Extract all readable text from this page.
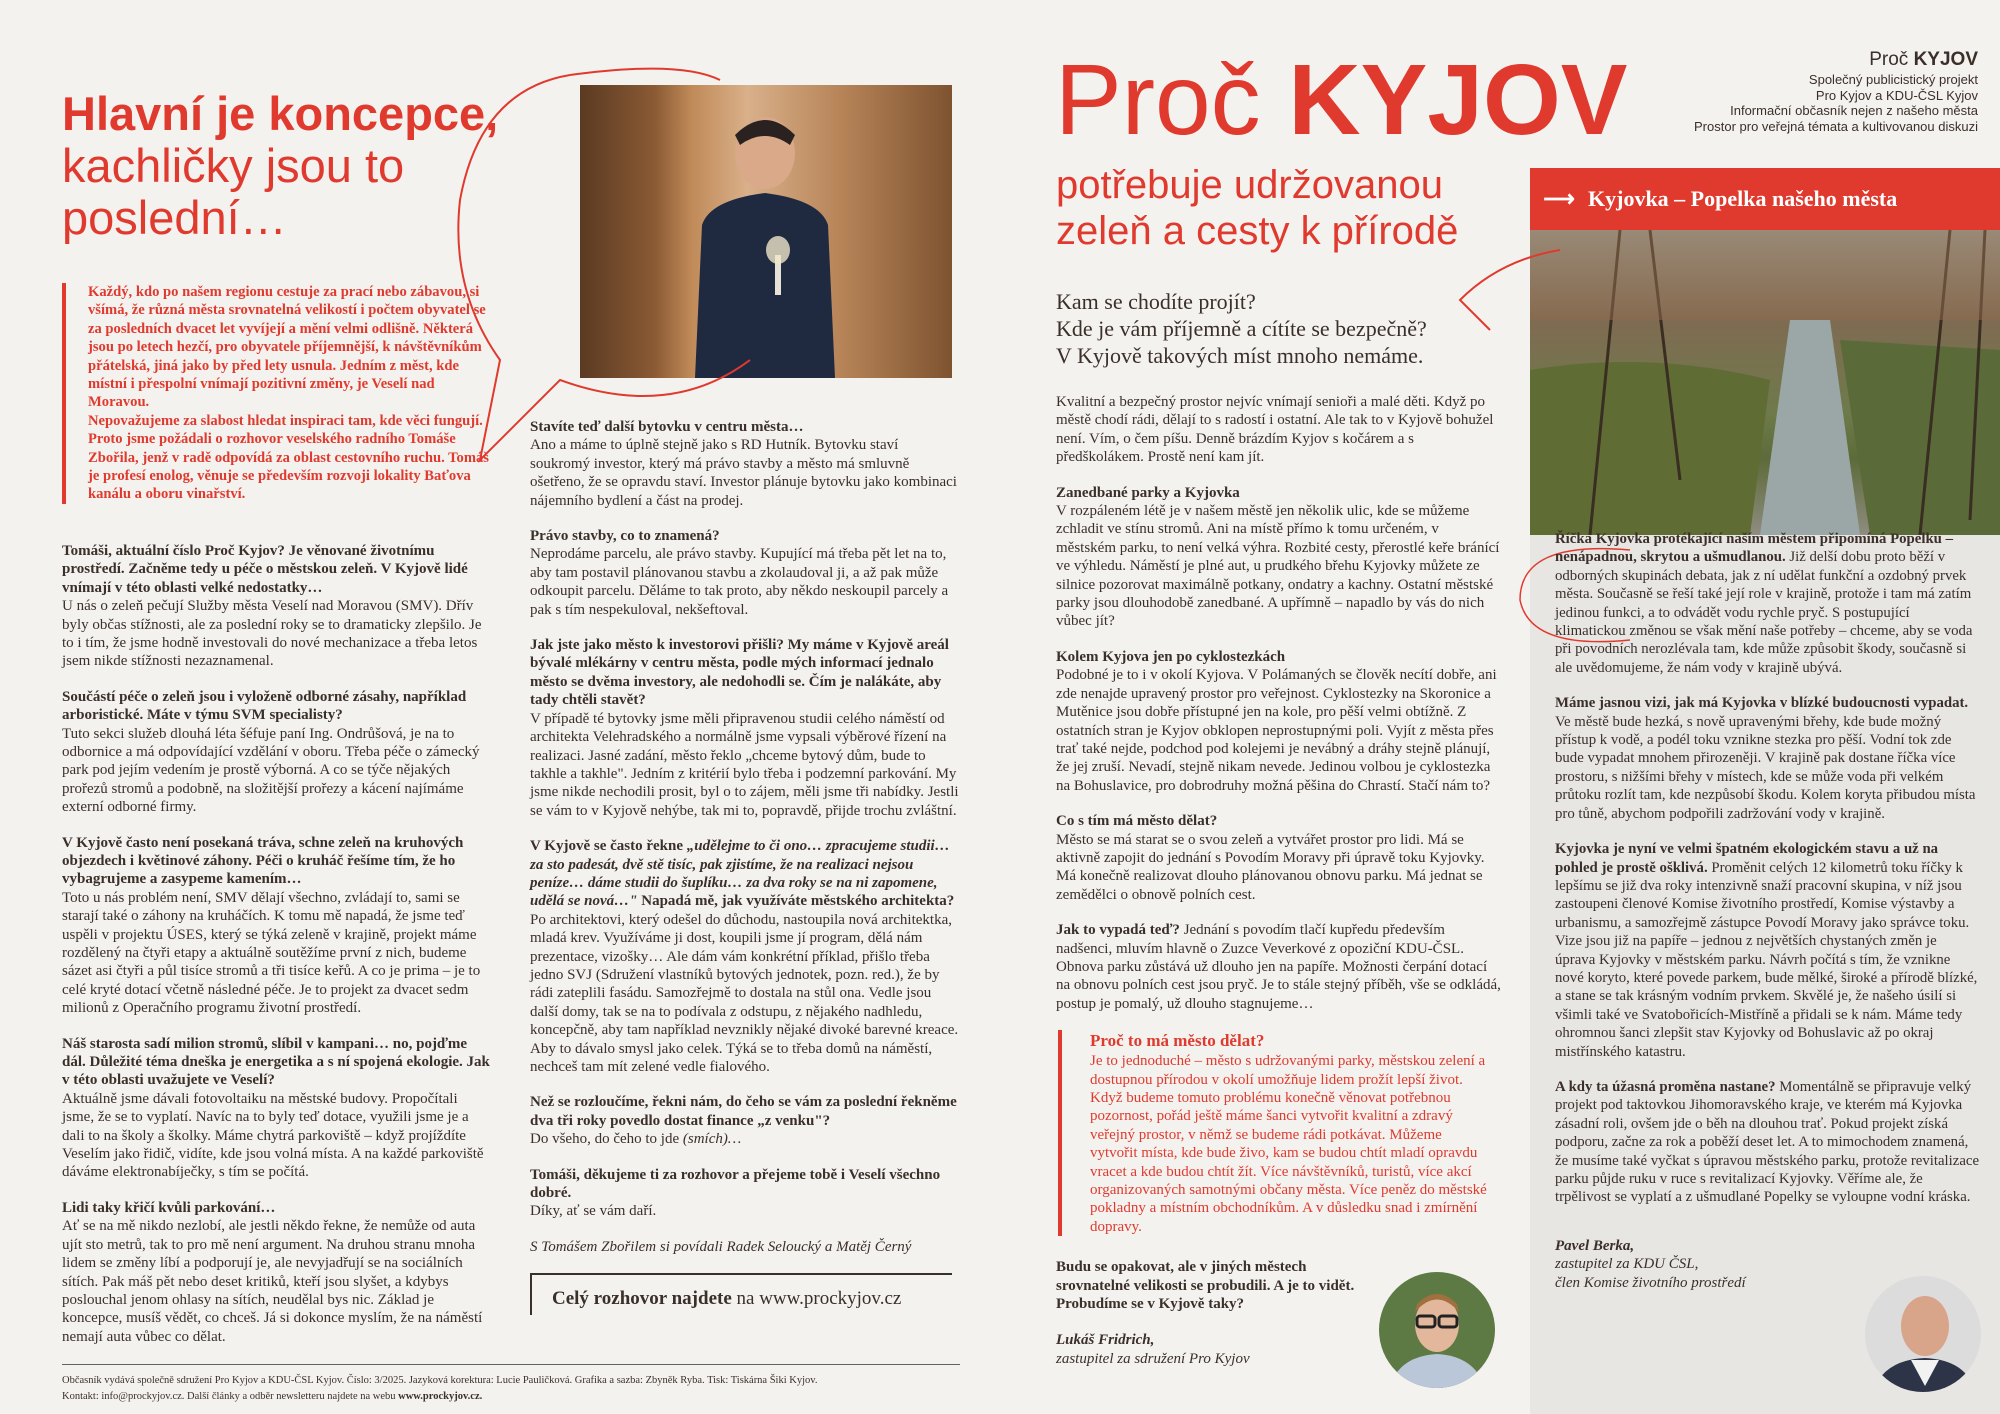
Hlavní je koncepce,
kachličky jsou to poslední…
Každý, kdo po našem regionu cestuje za prací nebo zábavou, si všímá, že různá města srovnatelná velikostí i počtem obyvatel se za posledních dvacet let vyvíjejí a mění velmi odlišně. Některá jsou po letech hezčí, pro obyvatele příjemnější, k návštěvníkům přátelská, jiná jako by před lety usnula. Jedním z měst, kde místní i přespolní vnímají pozitivní změny, je Veselí nad Moravou.
Nepovažujeme za slabost hledat inspiraci tam, kde věci fungují. Proto jsme požádali o rozhovor veselského radního Tomáše Zbořila, jenž v radě odpovídá za oblast cestovního ruchu. Tomáš je profesí enolog, věnuje se především rozvoji lokality Baťova kanálu a oboru vinařství.

Tomáši, aktuální číslo Proč Kyjov? Je věnované životnímu prostředí. Začněme tedy u péče o městskou zeleň. V Kyjově lidé vnímají v této oblasti velké nedostatky…
U nás o zeleň pečují Služby města Veselí nad Moravou (SMV). Dřív byly občas stížnosti, ale za poslední roky se to dramaticky zlepšilo. Je to i tím, že jsme hodně investovali do nové mechanizace a třeba letos jsem nikde stížnosti nezaznamenal.

Součástí péče o zeleň jsou i vyloženě odborné zásahy, například arboristické. Máte v týmu SVM specialisty?
Tuto sekci služeb dlouhá léta šéfuje paní Ing. Ondrůšová, je na to odbornice a má odpovídající vzdělání v oboru. Třeba péče o zámecký park pod jejím vedením je prostě výborná. A co se týče nějakých prořezů stromů a podobně, na složitější prořezy a kácení najímáme externí odborné firmy.

V Kyjově často není posekaná tráva, schne zeleň na kruhových objezdech i květinové záhony. Péči o kruháč řešíme tím, že ho vybagrujeme a zasypeme kamením…
Toto u nás problém není, SMV dělají všechno, zvládají to, sami se starají také o záhony na kruháčích. K tomu mě napadá, že jsme teď uspěli v projektu ÚSES, který se týká zeleně v krajině, projekt máme rozdělený na čtyři etapy a aktuálně soutěžíme první z nich, budeme sázet asi čtyři a půl tisíce stromů a tři tisíce keřů. A co je prima – je to celé kryté dotací včetně následné péče. Je to projekt za dvacet sedm milionů z Operačního programu životní prostředí.

Náš starosta sadí milion stromů, slíbil v kampani… no, pojďme dál. Důležité téma dneška je energetika a s ní spojená ekologie. Jak v této oblasti uvažujete ve Veselí?
Aktuálně jsme dávali fotovoltaiku na městské budovy. Propočítali jsme, že se to vyplatí. Navíc na to byly teď dotace, využili jsme je a dali to na školy a školky. Máme chytrá parkoviště – když projíždíte Veselím jako řidič, vidíte, kde jsou volná místa. A na každé parkoviště dáváme elektronabíječky, s tím se počítá.

Lidi taky křičí kvůli parkování…
Ať se na mě nikdo nezlobí, ale jestli někdo řekne, že nemůže od auta ujít sto metrů, tak to pro mě není argument. Na druhou stranu mnoha lidem se změny líbí a podporují je, ale nevyjadřují se na sociálních sítích. Pak máš pět nebo deset kritiků, kteří jsou slyšet, a kdybys poslouchal jenom ohlasy na sítích, neudělal bys nic. Základ je koncepce, musíš vědět, co chceš. Já si dokonce myslím, že na náměstí nemají auta vůbec co dělat.

Stavíte teď další bytovku v centru města…
Ano a máme to úplně stejně jako s RD Hutník. Bytovku staví soukromý investor, který má právo stavby a město má smluvně ošetřeno, že se opravdu staví. Investor plánuje bytovku jako kombinaci nájemního bydlení a část na prodej.

Právo stavby, co to znamená?
Neprodáme parcelu, ale právo stavby. Kupující má třeba pět let na to, aby tam postavil plánovanou stavbu a zkolaudoval ji, a až pak může odkoupit parcelu. Děláme to tak proto, aby někdo neskoupil parcely a pak s tím nespekuloval, nekšeftoval.

Jak jste jako město k investorovi přišli? My máme v Kyjově areál bývalé mlékárny v centru města, podle mých informací jednalo město se dvěma investory, ale nedohodli se. Čím je nalákáte, aby tady chtěli stavět?
V případě té bytovky jsme měli připravenou studii celého náměstí od architekta Velehradského a normálně jsme vypsali výběrové řízení na realizaci. Jasné zadání, město řeklo „chceme bytový dům, bude to takhle a takhle". Jedním z kritérií bylo třeba i podzemní parkování. My jsme nikde nechodili prosit, byl o to zájem, měli jsme tři nabídky. Jestli se vám to v Kyjově nehýbe, tak mi to, popravdě, přijde trochu zvláštní.

V Kyjově se často řekne „udělejme to či ono… zpracujeme studii… za sto padesát, dvě stě tisíc, pak zjistíme, že na realizaci nejsou peníze… dáme studii do šuplíku… za dva roky se na ni zapomene, udělá se nová…" Napadá mě, jak využíváte městského architekta?
Po architektovi, který odešel do důchodu, nastoupila nová architektka, mladá krev. Využíváme ji dost, koupili jsme jí program, dělá nám prezentace, vizošky… Ale dám vám konkrétní příklad, přišlo třeba jedno SVJ (Sdružení vlastníků bytových jednotek, pozn. red.), že by rádi zateplili fasádu. Samozřejmě to dostala na stůl ona. Vedle jsou další domy, tak se na to podívala z odstupu, z nějakého nadhledu, koncepčně, aby tam například nevznikly nějaké divoké barevné kreace. Aby to dávalo smysl jako celek. Týká se to třeba domů na náměstí, nechceš tam mít zelené vedle fialového.

Než se rozloučíme, řekni nám, do čeho se vám za poslední řekněme dva tři roky povedlo dostat finance „z venku"?
Do všeho, do čeho to jde (smích)…

Tomáši, děkujeme ti za rozhovor a přejeme tobě i Veselí všechno dobré.
Díky, ať se vám daří.

S Tomášem Zbořilem si povídali Radek Seloucký a Matěj Černý

Celý rozhovor najdete na www.prockyjov.cz
Občasník vydává společně sdružení Pro Kyjov a KDU-ČSL Kyjov. Číslo: 3/2025. Jazyková korektura: Lucie Pauličková. Grafika a sazba: Zbyněk Ryba. Tisk: Tiskárna Šiki Kyjov.
Kontakt: info@prockyjov.cz. Další články a odběr newsletteru najdete na webu www.prockyjov.cz.
Proč KYJOV
potřebuje udržovanou zeleň a cesty k přírodě
Proč KYJOV
Společný publicistický projekt
Pro Kyjov a KDU-ČSL Kyjov
Informační občasník nejen z našeho města
Prostor pro veřejná témata a kultivovanou diskuzi
⟶ Kyjovka – Popelka našeho města
Kam se chodíte projít?
Kde je vám příjemně a cítíte se bezpečně?
V Kyjově takových míst mnoho nemáme.

Kvalitní a bezpečný prostor nejvíc vnímají senioři a malé děti. Když po městě chodí rádi, dělají to s radostí i ostatní. Ale tak to v Kyjově bohužel není. Vím, o čem píšu. Denně brázdím Kyjov s kočárem a s předškolákem. Prostě není kam jít.

Zanedbané parky a Kyjovka
V rozpáleném létě je v našem městě jen několik ulic, kde se můžeme zchladit ve stínu stromů. Ani na místě přímo k tomu určeném, v městském parku, to není velká výhra. Rozbité cesty, přerostlé keře bránící ve výhledu. Náměstí je plné aut, u prudkého břehu Kyjovky můžete ze silnice pozorovat maximálně potkany, ondatry a kachny. Ostatní městské parky jsou dlouhodobě zanedbané. A upřímně – napadlo by vás do nich vůbec jít?

Kolem Kyjova jen po cyklostezkách
Podobné je to i v okolí Kyjova. V Polámaných se člověk necítí dobře, ani zde nenajde upravený prostor pro veřejnost. Cyklostezky na Skoronice a Mutěnice jsou dobře přístupné jen na kole, pro pěší velmi obtížně. Z ostatních stran je Kyjov obklopen neprostupnými poli. Vyjít z města přes trať také nejde, podchod pod kolejemi je nevábný a dráhy stejně plánují, že jej zruší. Nevadí, stejně nikam nevede. Jedinou volbou je cyklostezka na Bohuslavice, pro dobrodruhy možná pěšina do Chrastí. Stačí nám to?

Co s tím má město dělat?
Město se má starat se o svou zeleň a vytvářet prostor pro lidi. Má se aktivně zapojit do jednání s Povodím Moravy při úpravě toku Kyjovky. Má konečně realizovat dlouho plánovanou obnovu parku. Má jednat se zemědělci o obnově polních cest.

Jak to vypadá teď? Jednání s povodím tlačí kupředu především nadšenci, mluvím hlavně o Zuzce Veverkové z opoziční KDU-ČSL. Obnova parku zůstává už dlouho jen na papíře. Možnosti čerpání dotací na obnovu polních cest jsou pryč. Je to stále stejný příběh, vše se odkládá, postup je pomalý, už dlouho stagnujeme…

Proč to má město dělat?
Je to jednoduché – město s udržovanými parky, městskou zelení a dostupnou přírodou v okolí umožňuje lidem prožít lepší život. Když budeme tomuto problému konečně věnovat potřebnou pozornost, pořád ještě máme šanci vytvořit kvalitní a zdravý veřejný prostor, v němž se budeme rádi potkávat. Můžeme vytvořit místa, kde bude živo, kam se budou chtít mladí opravdu vracet a kde budou chtít žít. Více návštěvníků, turistů, více akcí organizovaných samotnými občany města. Více peněz do městské pokladny a místním obchodníkům. A v důsledku snad i zmírnění dopravy.
Budu se opakovat, ale v jiných městech srovnatelné velikosti se probudili. A je to vidět. Probudíme se v Kyjově taky?
Lukáš Fridrich,
zastupitel za sdružení Pro Kyjov

Říčka Kyjovka protékající naším městem připomíná Popelku – nenápadnou, skrytou a ušmudlanou. Již delší dobu proto běží v odborných skupinách debata, jak z ní udělat funkční a ozdobný prvek města. Současně se řeší také její role v krajině, protože i tam má zatím jedinou funkci, a to odvádět vodu rychle pryč. S postupující klimatickou změnou se však mění naše potřeby – chceme, aby se voda při povodních nerozlévala tam, kde může způsobit škody, současně si ale uvědomujeme, že nám vody v krajině ubývá.

Máme jasnou vizi, jak má Kyjovka v blízké budoucnosti vypadat. Ve městě bude hezká, s nově upravenými břehy, kde bude možný přístup k vodě, a podél toku vznikne stezka pro pěší. Vodní tok zde bude vypadat mnohem přirozeněji. V krajině pak dostane říčka více prostoru, s nižšími břehy v místech, kde se může voda při velkém průtoku rozlít tam, kde nezpůsobí škodu. Kolem koryta přibudou místa pro tůně, abychom podpořili zadržování vody v krajině.

Kyjovka je nyní ve velmi špatném ekologickém stavu a už na pohled je prostě ošklivá. Proměnit celých 12 kilometrů toku říčky k lepšímu se již dva roky intenzivně snaží pracovní skupina, v níž jsou zastoupeni členové Komise životního prostředí, Komise výstavby a urbanismu, a samozřejmě zástupce Povodí Moravy jako správce toku. Vize jsou již na papíře – jednou z největších chystaných změn je úprava Kyjovky v městském parku. Návrh počítá s tím, že vznikne nové koryto, které povede parkem, bude mělké, široké a přírodě blízké, a stane se tak krásným vodním prvkem. Skvělé je, že našeho úsilí si všimli také ve Svatobořicích-Mistříně a přidali se k nám. Máme tedy ohromnou šanci zlepšit stav Kyjovky od Bohuslavic až po okraj mistřínského katastru.

A kdy ta úžasná proměna nastane? Momentálně se připravuje velký projekt pod taktovkou Jihomoravského kraje, ve kterém má Kyjovka zásadní roli, ovšem jde o běh na dlouhou trať. Pokud projekt získá podporu, začne za rok a poběží deset let. A to mimochodem znamená, že musíme také vyčkat s úpravou městského parku, protože revitalizace parku půjde ruku v ruce s revitalizací Kyjovky. Věříme ale, že trpělivost se vyplatí a z ušmudlané Popelky se vyloupne vodní kráska.

Pavel Berka,
zastupitel za KDU ČSL,
člen Komise životního prostředí
